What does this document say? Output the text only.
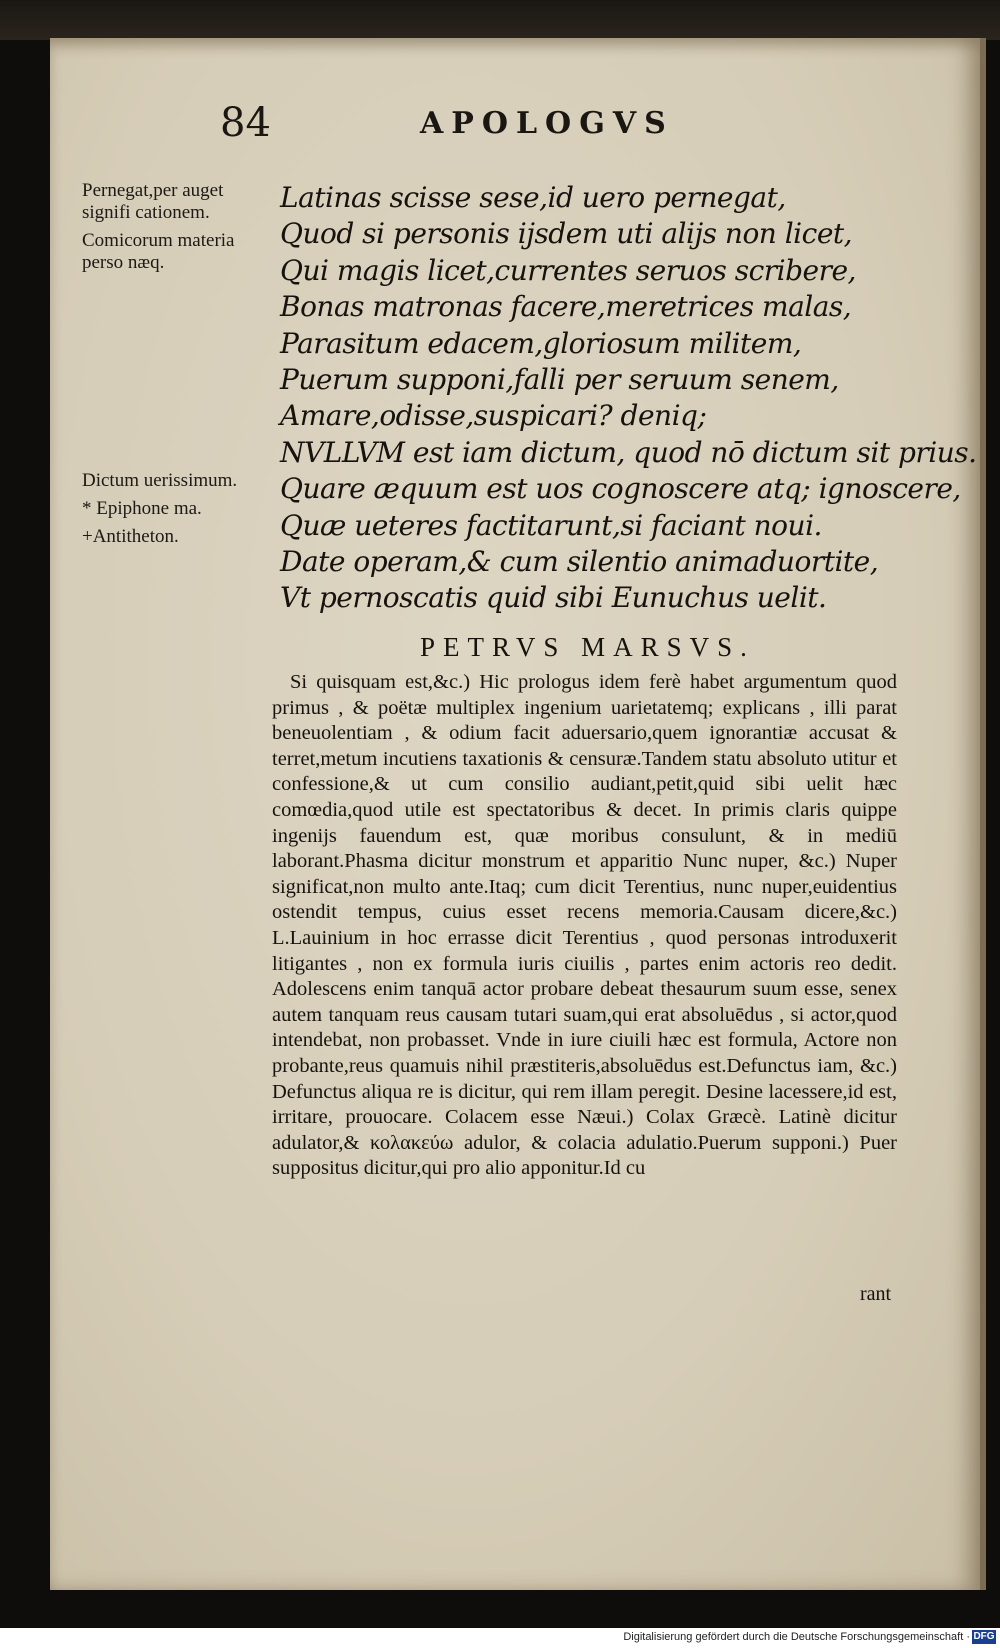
84	APOLOGVS
Pernegat,per auget signifi cationem.
Comicorum materia perso næq.
Dictum uerissimum.
* Epiphone ma.
+Antitheton.
Latinas scisse sese,id uero pernegat,
Quod si personis ijsdem uti alijs non licet,
Qui magis licet,currentes seruos scribere,
Bonas matronas facere,meretrices malas,
Parasitum edacem,gloriosum militem,
Puerum supponi,falli per seruum senem,
Amare,odisse,suspicari? deniq;
NVLLVM est iam dictum, quod nō dictum sit prius.
Quare æquum est uos cognoscere atq; ignoscere,
Quæ ueteres factitarunt,si faciant noui.
Date operam,& cum silentio animaduortite,
Vt pernoscatis quid sibi Eunuchus uelit.
PETRVS MARSVS.

Si quisquam est,&c.) Hic prologus idem ferè habet argumentum quod primus , & poëtæ multiplex ingenium uarietatemq; explicans , illi parat beneuolentiam , & odium facit aduersario,quem ignorantiæ accusat & terret,metum incutiens taxationis & censuræ.Tandem statu absoluto utitur et confessione,& ut cum consilio audiant,petit,quid sibi uelit hæc comœdia,quod utile est spectatoribus & decet. In primis claris quippe ingenijs fauendum est, quæ moribus consulunt, & in mediū laborant.Phasma dicitur monstrum et apparitio Nunc nuper, &c.) Nuper significat,non multo ante.Itaq; cum dicit Terentius, nunc nuper,euidentius ostendit tempus, cuius esset recens memoria.Causam dicere,&c.) L.Lauinium in hoc errasse dicit Terentius , quod personas introduxerit litigantes , non ex formula iuris ciuilis , partes enim actoris reo dedit. Adolescens enim tanquā actor probare debeat thesaurum suum esse, senex autem tanquam reus causam tutari suam,qui erat absoluēdus , si actor,quod intendebat, non probasset. Vnde in iure ciuili hæc est formula, Actore non probante,reus quamuis nihil præstiteris,absoluēdus est.Defunctus iam, &c.) Defunctus aliqua re is dicitur, qui rem illam peregit. Desine lacessere,id est, irritare, prouocare. Colacem esse Næui.) Colax Græcè. Latinè dicitur adulator,& κολακεύω adulor, & colacia adulatio.Puerum supponi.) Puer suppositus dicitur,qui pro alio apponitur.Id cu

rant
Digitalisierung gefördert durch die Deutsche Forschungsgemeinschaft · DFG
